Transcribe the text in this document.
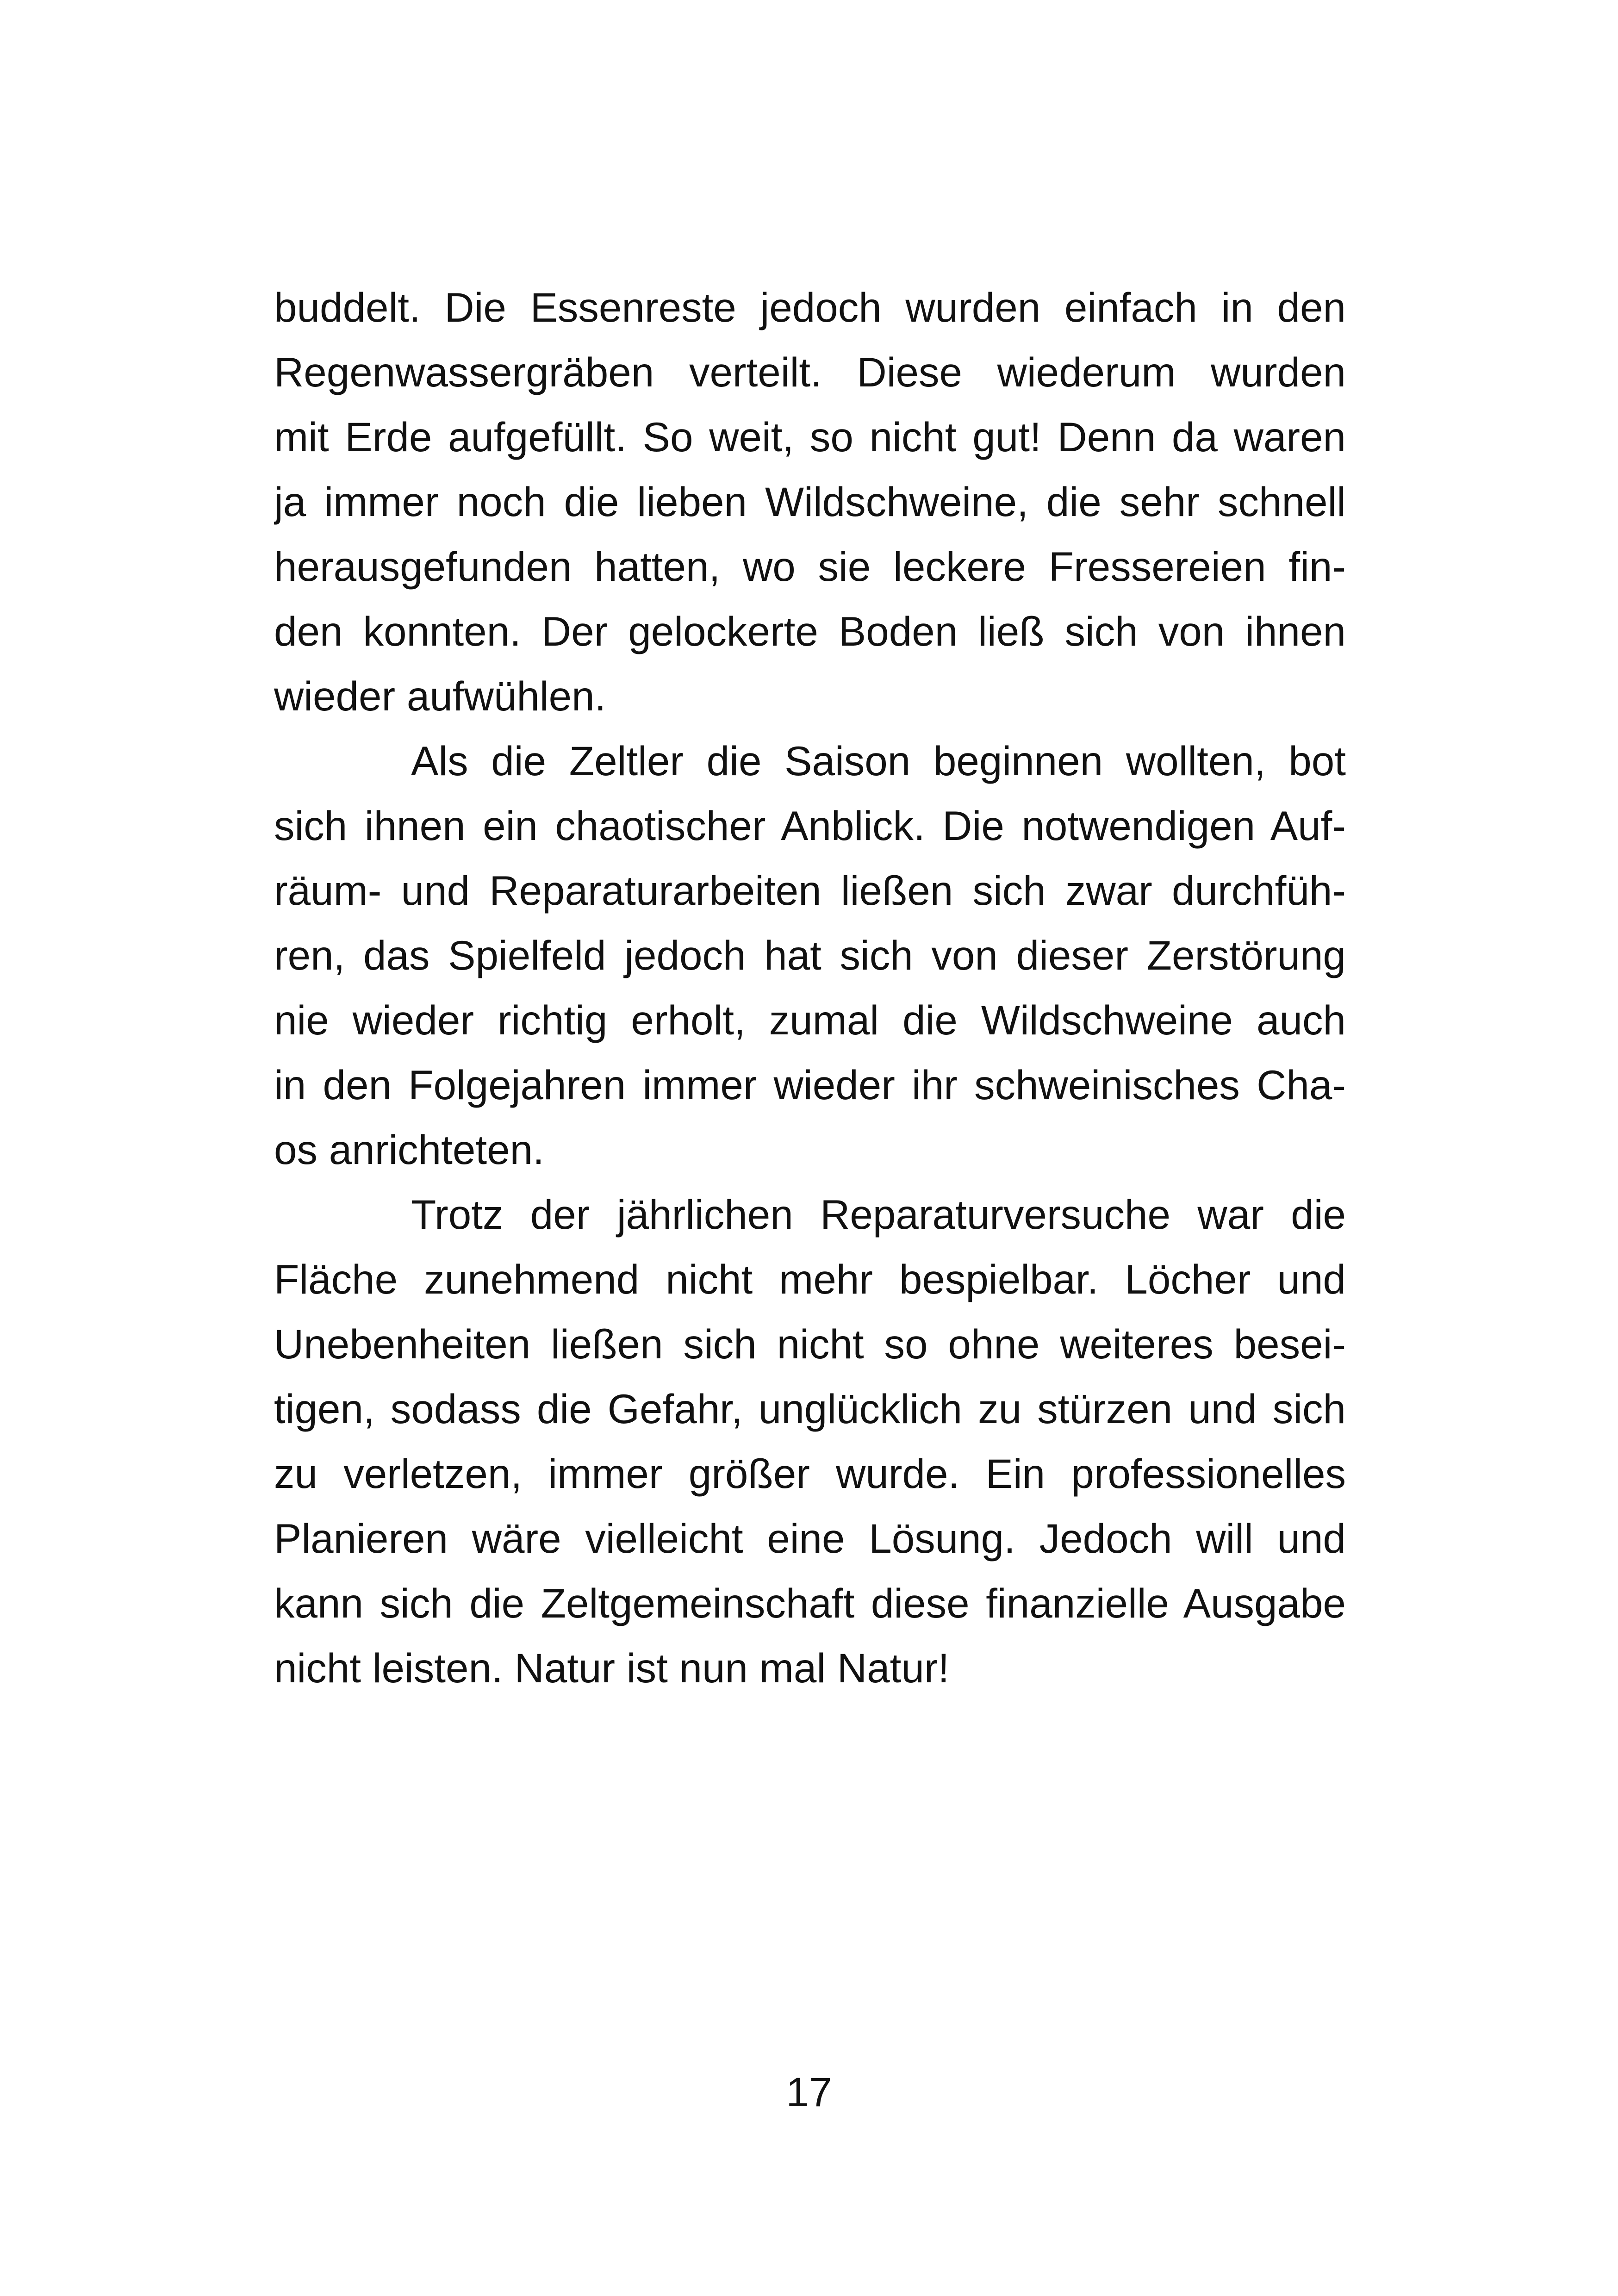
buddelt. Die Essenreste jedoch wurden einfach in den
Regenwassergräben verteilt. Diese wiederum wurden
mit Erde aufgefüllt. So weit, so nicht gut! Denn da waren
ja immer noch die lieben Wildschweine, die sehr schnell
herausgefunden hatten, wo sie leckere Fressereien fin-
den konnten. Der gelockerte Boden ließ sich von ihnen
wieder aufwühlen.
Als die Zeltler die Saison beginnen wollten, bot
sich ihnen ein chaotischer Anblick. Die notwendigen Auf-
räum- und Reparaturarbeiten ließen sich zwar durchfüh-
ren, das Spielfeld jedoch hat sich von dieser Zerstörung
nie wieder richtig erholt, zumal die Wildschweine auch
in den Folgejahren immer wieder ihr schweinisches Cha-
os anrichteten.
Trotz der jährlichen Reparaturversuche war die
Fläche zunehmend nicht mehr bespielbar. Löcher und
Unebenheiten ließen sich nicht so ohne weiteres besei-
tigen, sodass die Gefahr, unglücklich zu stürzen und sich
zu verletzen, immer größer wurde. Ein professionelles
Planieren wäre vielleicht eine Lösung. Jedoch will und
kann sich die Zeltgemeinschaft diese finanzielle Ausgabe
nicht leisten. Natur ist nun mal Natur!
17
